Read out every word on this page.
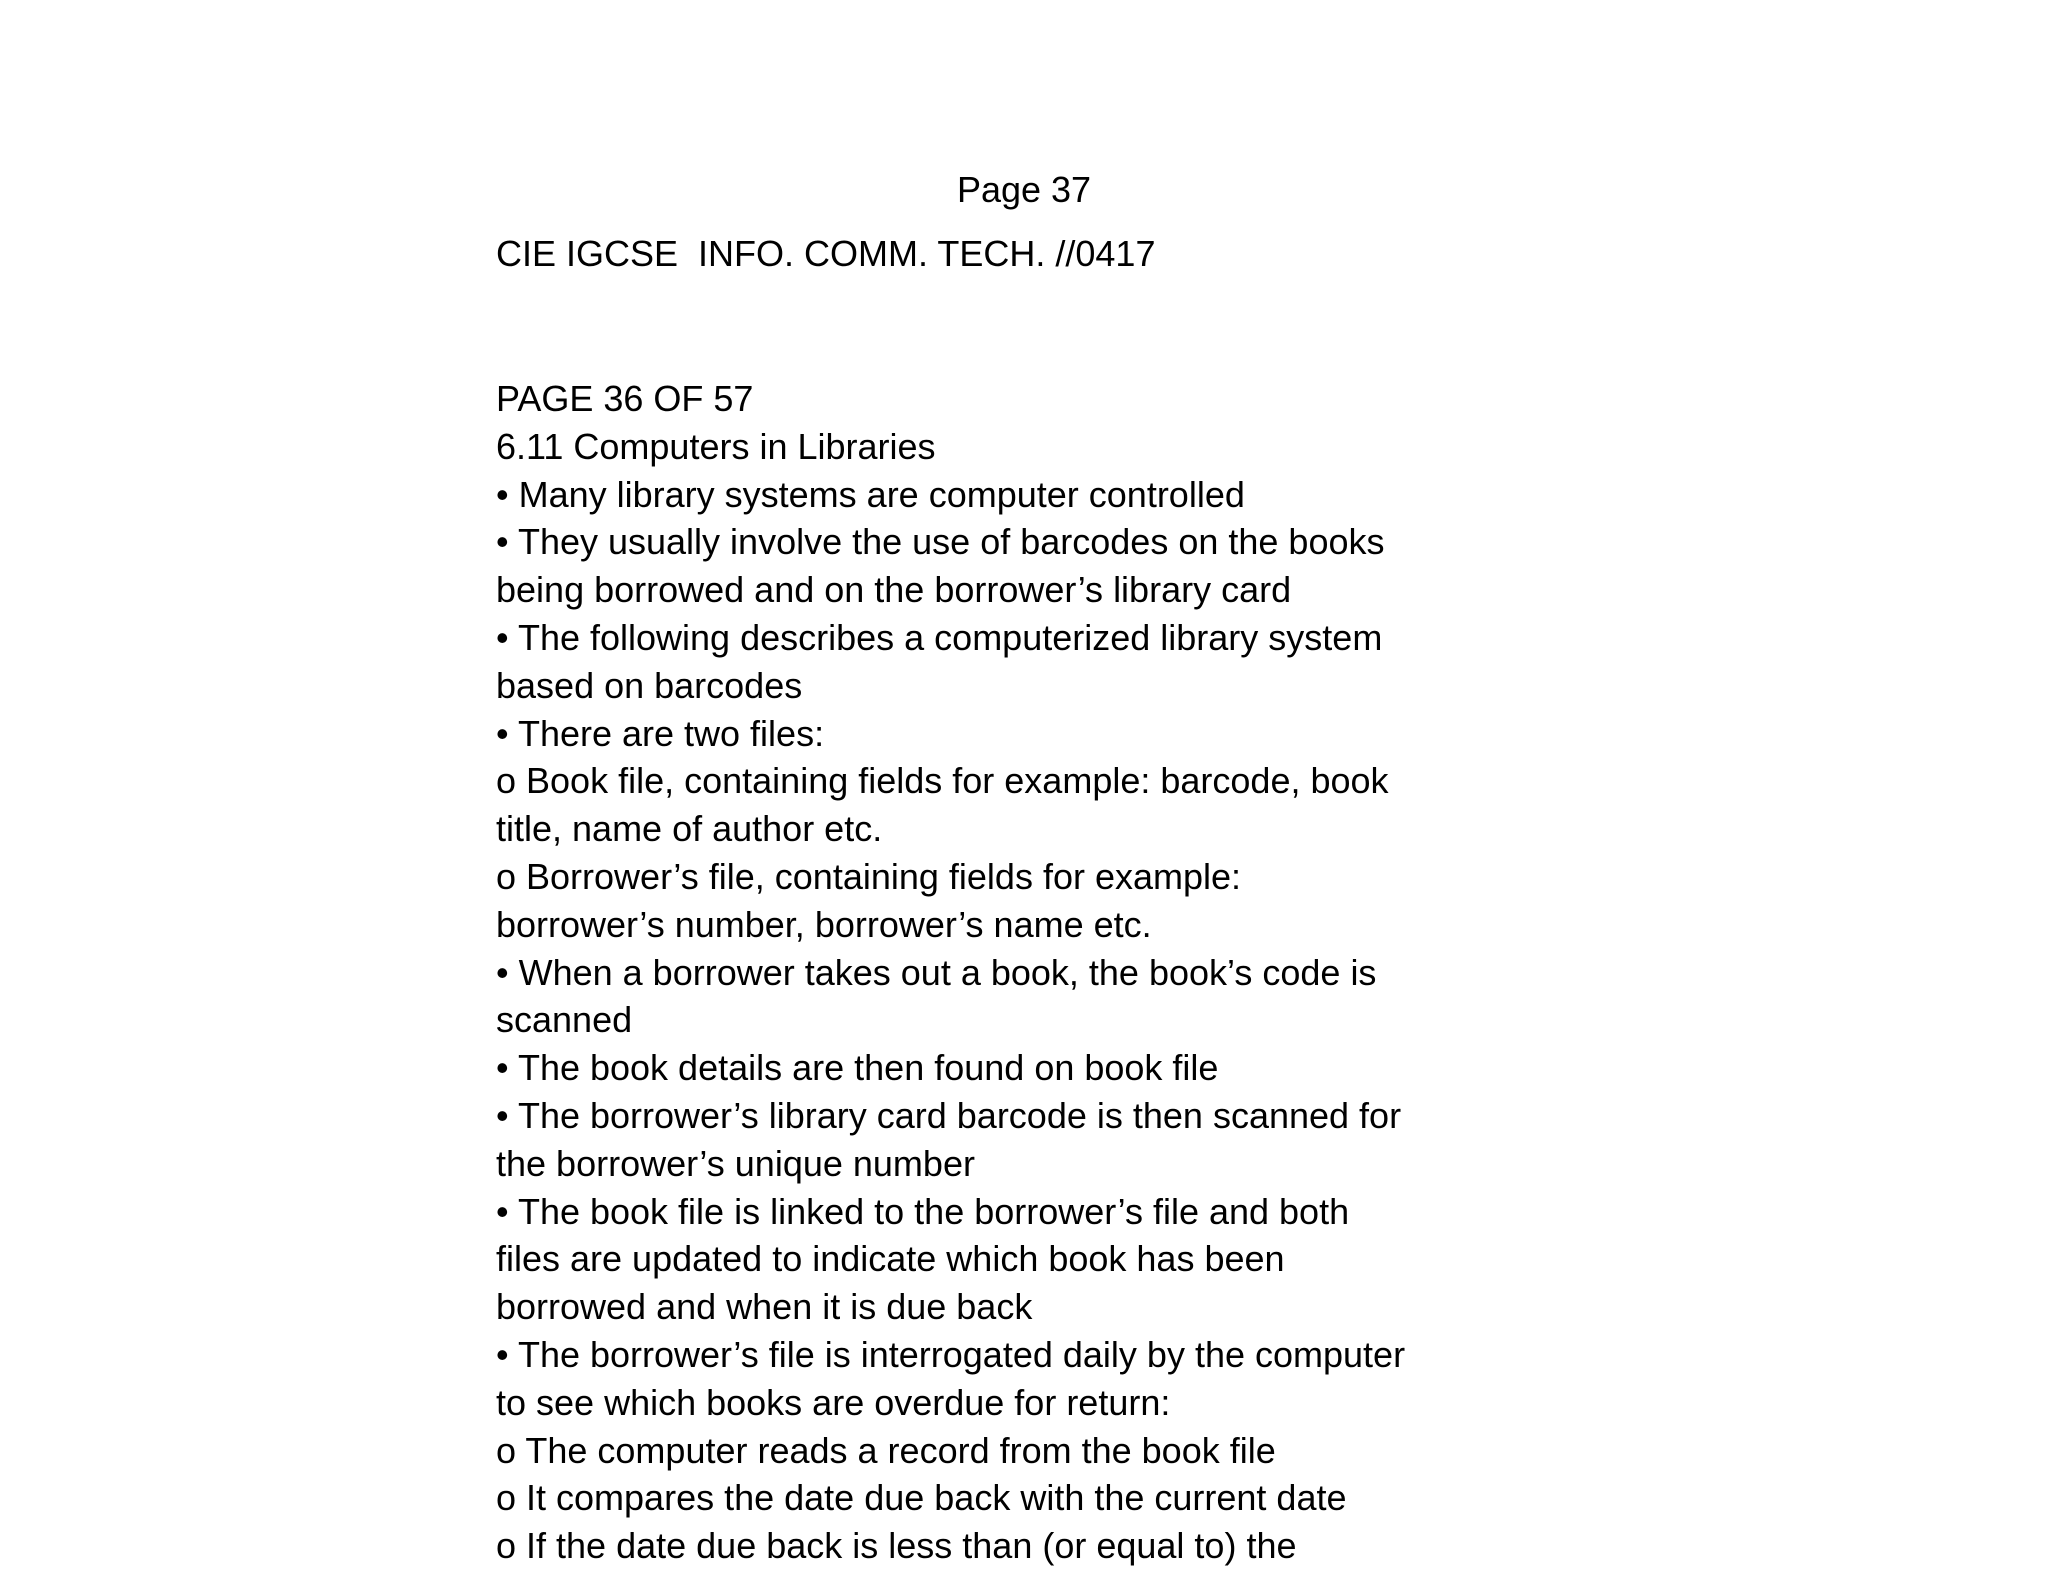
Page 37
CIE IGCSE  INFO. COMM. TECH. //0417
PAGE 36 OF 57
6.11 Computers in Libraries
• Many library systems are computer controlled
• They usually involve the use of barcodes on the books
being borrowed and on the borrower’s library card
• The following describes a computerized library system
based on barcodes
• There are two files:
o Book file, containing fields for example: barcode, book
title, name of author etc.
o Borrower’s file, containing fields for example:
borrower’s number, borrower’s name etc.
• When a borrower takes out a book, the book’s code is
scanned
• The book details are then found on book file
• The borrower’s library card barcode is then scanned for
the borrower’s unique number
• The book file is linked to the borrower’s file and both
files are updated to indicate which book has been
borrowed and when it is due back
• The borrower’s file is interrogated daily by the computer
to see which books are overdue for return:
o The computer reads a record from the book file
o It compares the date due back with the current date
o If the date due back is less than (or equal to) the
